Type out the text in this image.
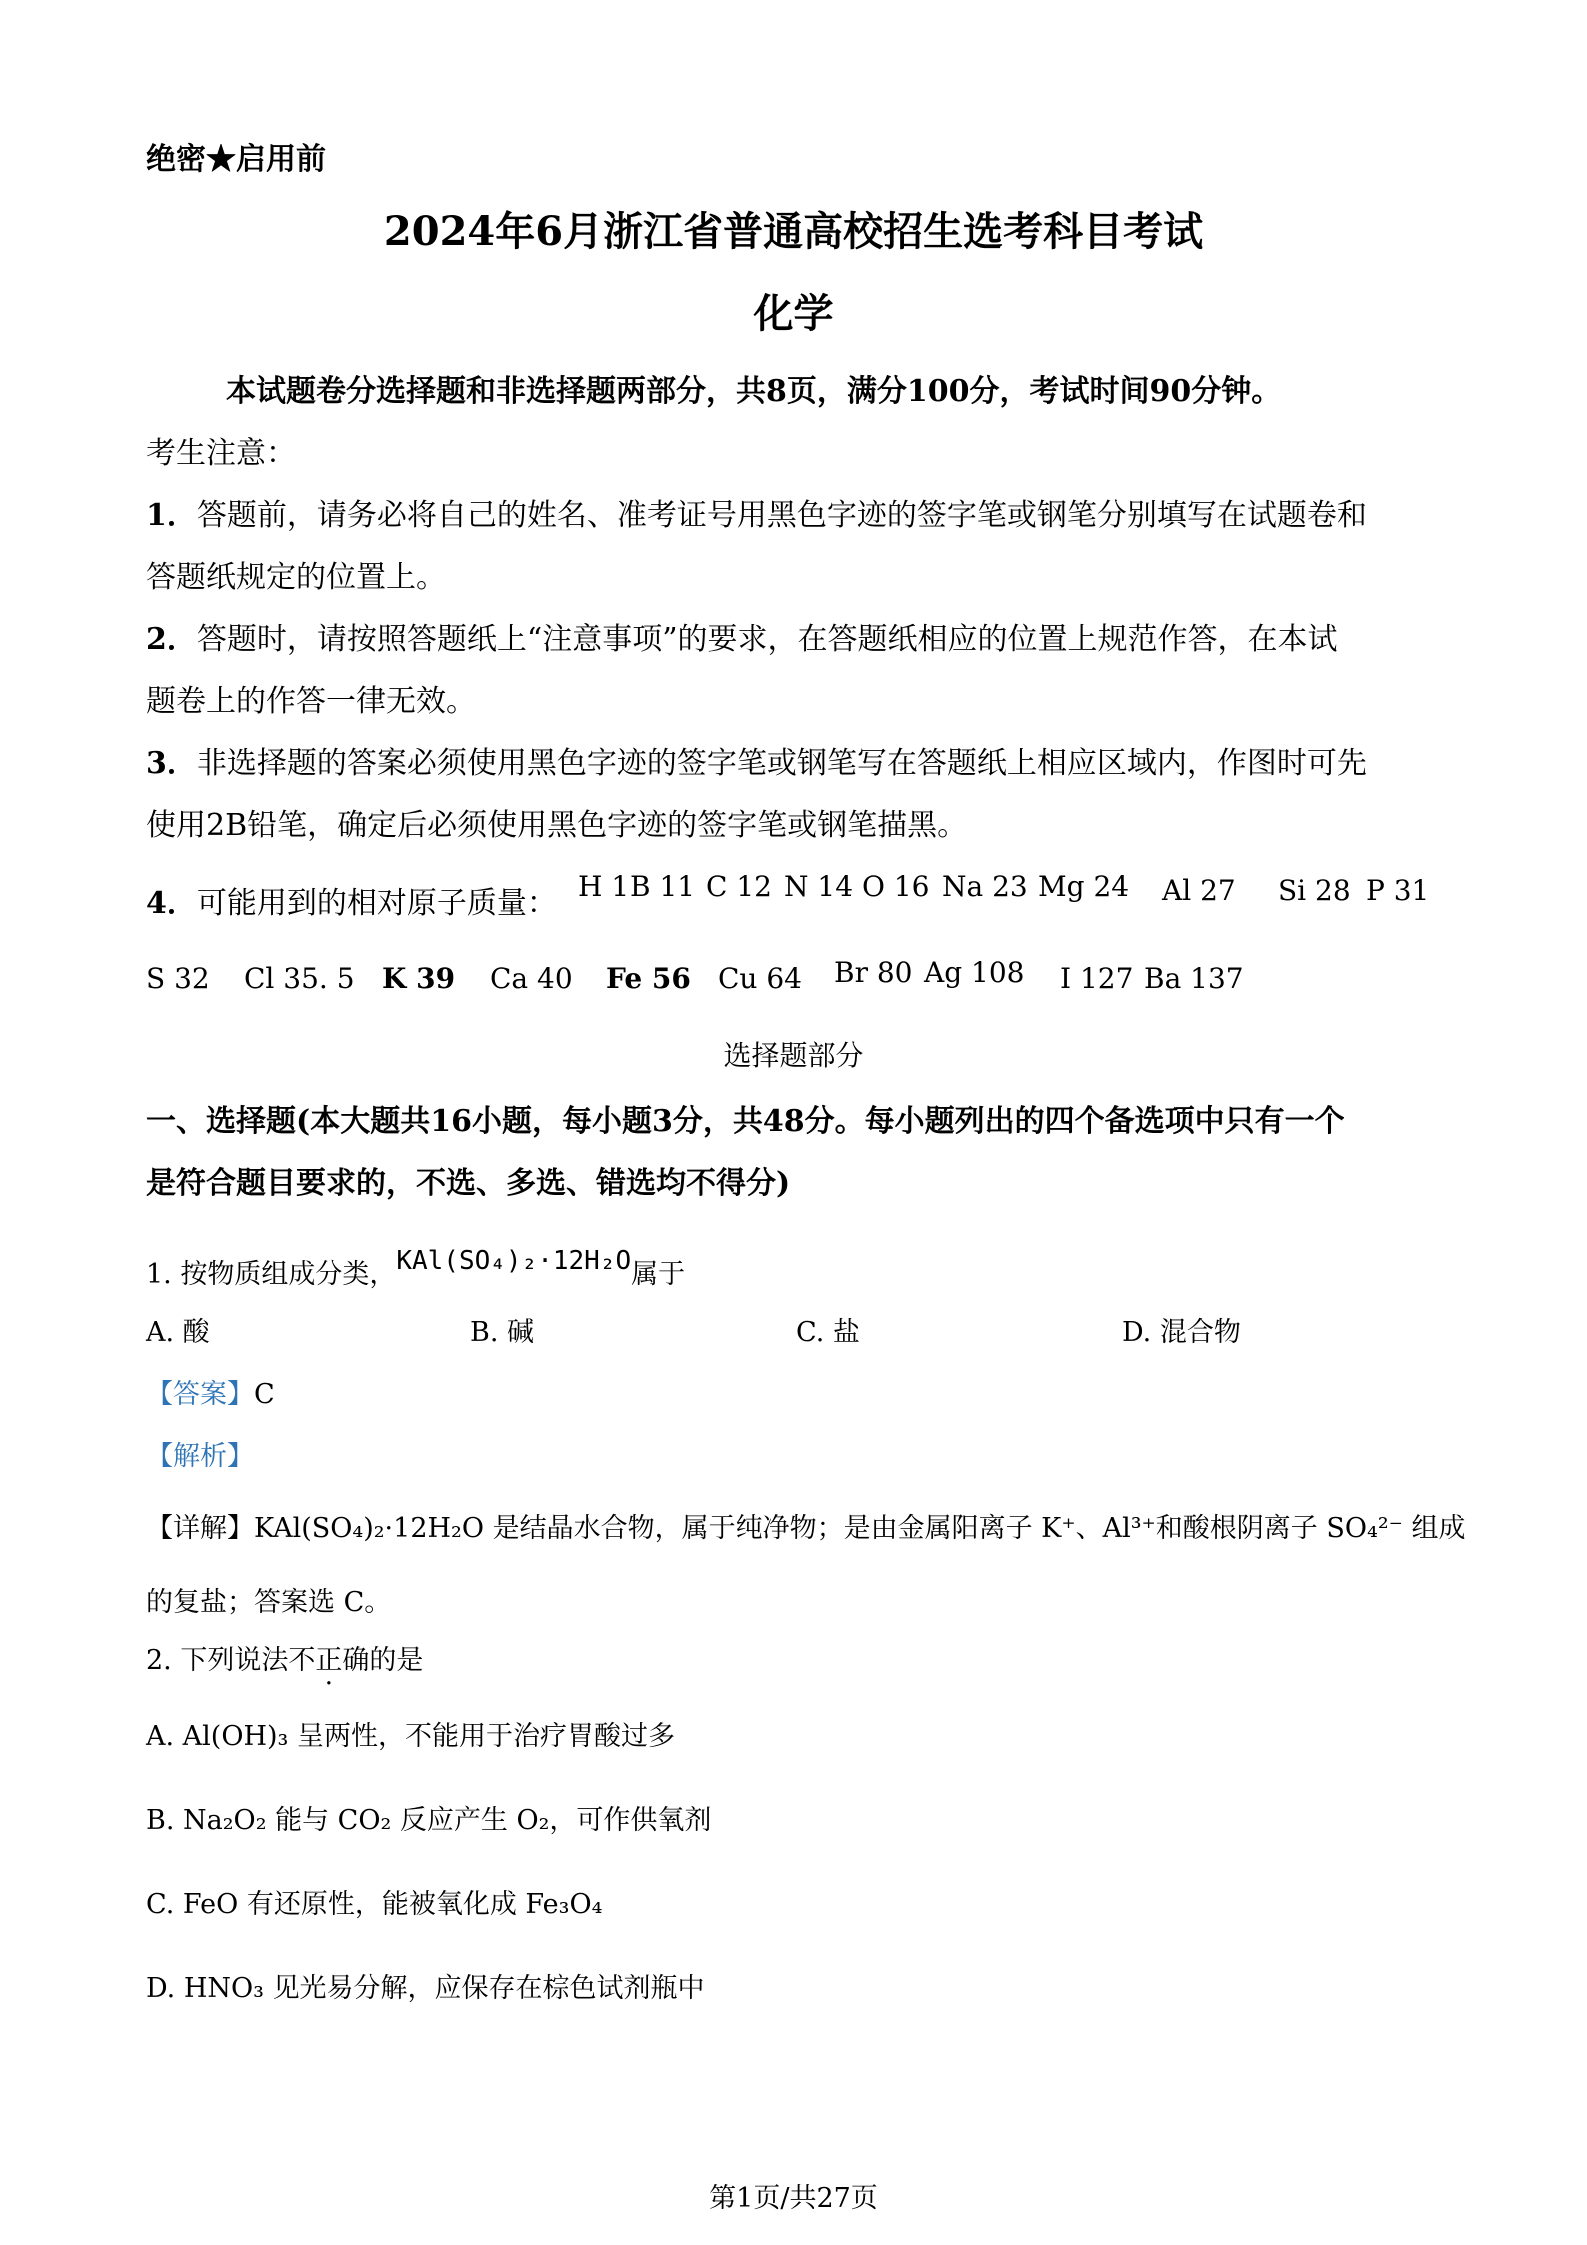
绝密★启用前
2024年6月浙江省普通高校招生选考科目考试
化学
本试题卷分选择题和非选择题两部分，共8页，满分100分，考试时间90分钟。
考生注意：
1．答题前，请务必将自己的姓名、准考证号用黑色字迹的签字笔或钢笔分别填写在试题卷和
答题纸规定的位置上。
2．答题时，请按照答题纸上“注意事项”的要求，在答题纸相应的位置上规范作答，在本试
题卷上的作答一律无效。
3．非选择题的答案必须使用黑色字迹的签字笔或钢笔写在答题纸上相应区域内，作图时可先
使用2B铅笔，确定后必须使用黑色字迹的签字笔或钢笔描黑。
4．可能用到的相对原子质量： H 1 B 11 C 12 N 14 O 16 Na 23 Mg 24 Al 27 Si 28 P 31
S 32 Cl 35. 5 K 39 Ca 40 Fe 56 Cu 64 Br 80 Ag 108 I 127 Ba 137
选择题部分
一、选择题(本大题共16小题，每小题3分，共48分。每小题列出的四个备选项中只有一个
是符合题目要求的，不选、多选、错选均不得分)
1. 按物质组成分类，KAl(SO₄)₂·12H₂O属于
A. 酸	B. 碱	C. 盐	D. 混合物
【答案】C
【解析】
【详解】KAl(SO₄)₂·12H₂O 是结晶水合物，属于纯净物；是由金属阳离子 K⁺、Al³⁺和酸根阴离子 SO₄²⁻ 组成
的复盐；答案选 C。
2. 下列说法不正确的是
A. Al(OH)₃ 呈两性，不能用于治疗胃酸过多
B. Na₂O₂ 能与 CO₂ 反应产生 O₂，可作供氧剂
C. FeO 有还原性，能被氧化成 Fe₃O₄
D. HNO₃ 见光易分解，应保存在棕色试剂瓶中
第1页/共27页
